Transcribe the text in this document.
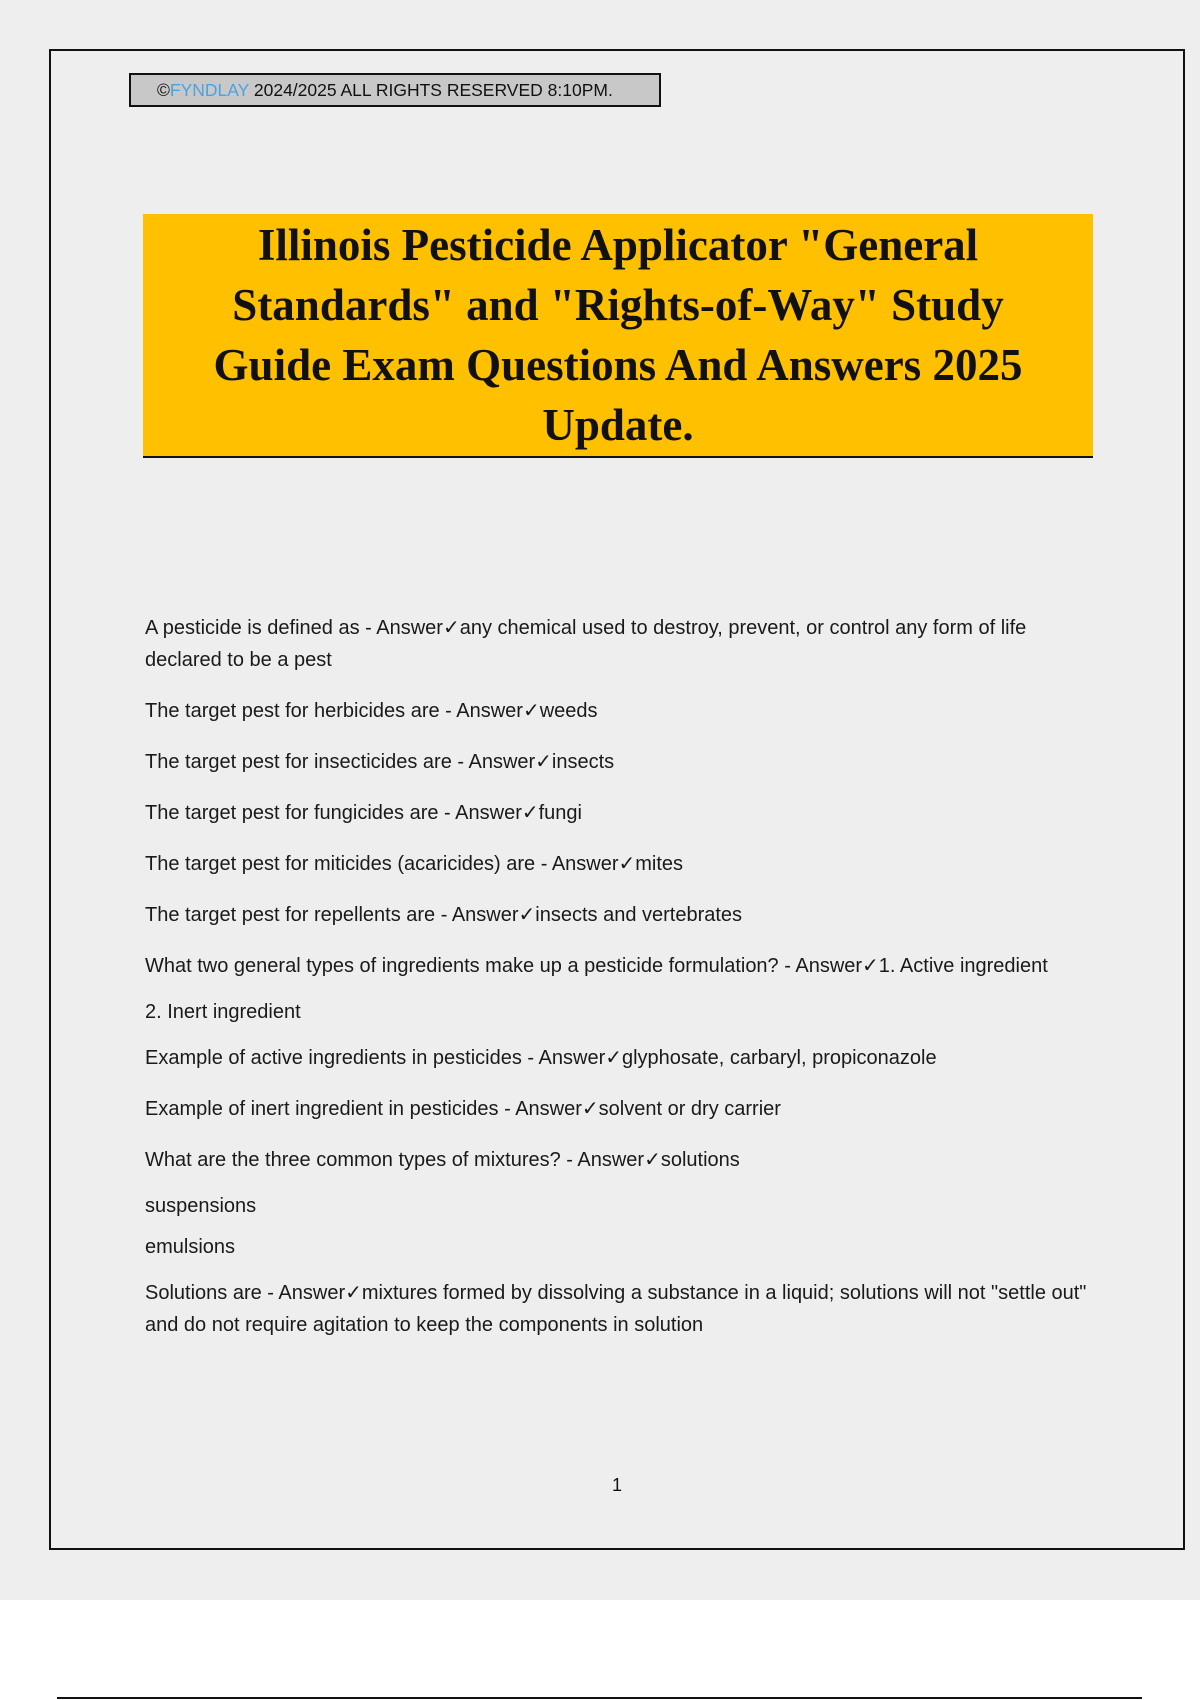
©FYNDLAY 2024/2025 ALL RIGHTS RESERVED 8:10PM.
Illinois Pesticide Applicator "General Standards" and "Rights-of-Way" Study Guide Exam Questions And Answers 2025 Update.

A pesticide is defined as - Answer✓any chemical used to destroy, prevent, or control any form of life declared to be a pest

The target pest for herbicides are - Answer✓weeds

The target pest for insecticides are - Answer✓insects

The target pest for fungicides are - Answer✓fungi

The target pest for miticides (acaricides) are - Answer✓mites

The target pest for repellents are - Answer✓insects and vertebrates

What two general types of ingredients make up a pesticide formulation? - Answer✓1. Active ingredient

2. Inert ingredient

Example of active ingredients in pesticides - Answer✓glyphosate, carbaryl, propiconazole

Example of inert ingredient in pesticides - Answer✓solvent or dry carrier

What are the three common types of mixtures? - Answer✓solutions

suspensions

emulsions

Solutions are - Answer✓mixtures formed by dissolving a substance in a liquid; solutions will not "settle out" and do not require agitation to keep the components in solution

1
